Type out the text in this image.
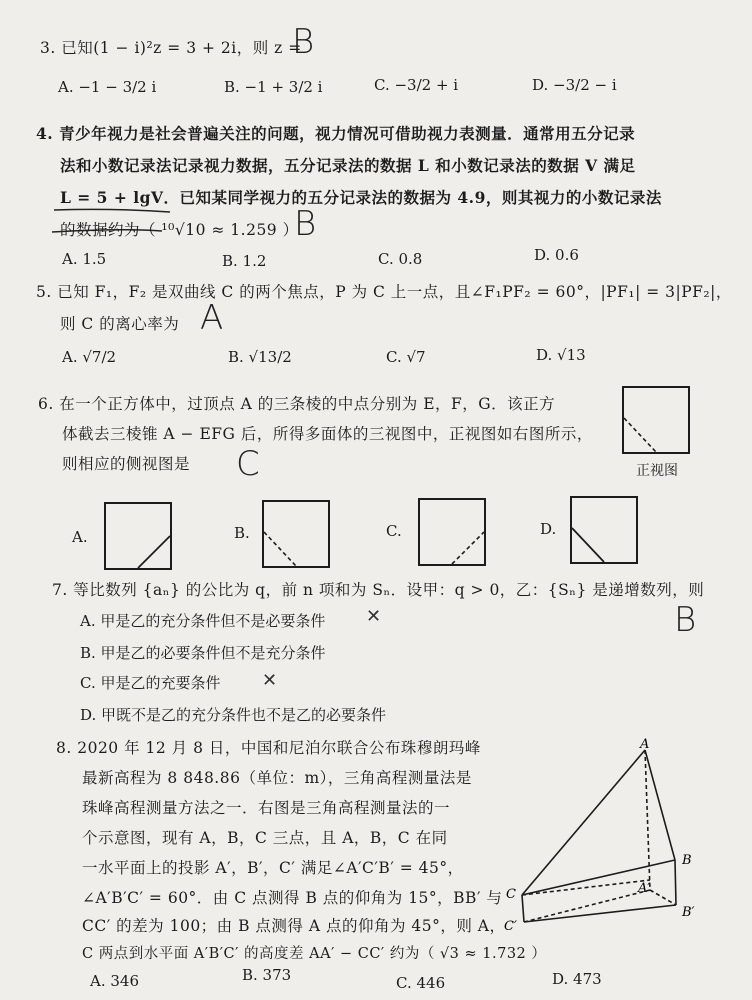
3. 已知(1 − i)²z = 3 + 2i，则 z =
B
A. −1 − 3/2 i	B. −1 + 3/2 i	C. −3/2 + i	D. −3/2 − i
4. 青少年视力是社会普遍关注的问题，视力情况可借助视力表测量．通常用五分记录
法和小数记录法记录视力数据，五分记录法的数据 L 和小数记录法的数据 V 满足
L = 5 + lgV．已知某同学视力的五分记录法的数据为 4.9，则其视力的小数记录法
的数据约为（ ¹⁰√10 ≈ 1.259 ）
B
A. 1.5	B. 1.2	C. 0.8	D. 0.6
5. 已知 F₁，F₂ 是双曲线 C 的两个焦点，P 为 C 上一点，且∠F₁PF₂ = 60°，|PF₁| = 3|PF₂|，
则 C 的离心率为 A
A. √7/2	B. √13/2	C. √7	D. √13
6. 在一个正方体中，过顶点 A 的三条棱的中点分别为 E，F，G．该正方
体截去三棱锥 A − EFG 后，所得多面体的三视图中，正视图如右图所示，
则相应的侧视图是 C	正视图
A.	B.	C.	D.
7. 等比数列 {aₙ} 的公比为 q，前 n 项和为 Sₙ．设甲：q > 0，乙：{Sₙ} 是递增数列，则
B
A. 甲是乙的充分条件但不是必要条件 ✕
B. 甲是乙的必要条件但不是充分条件
C. 甲是乙的充要条件 ✕
D. 甲既不是乙的充分条件也不是乙的必要条件
8. 2020 年 12 月 8 日，中国和尼泊尔联合公布珠穆朗玛峰
最新高程为 8 848.86（单位：m），三角高程测量法是
珠峰高程测量方法之一．右图是三角高程测量法的一
个示意图，现有 A，B，C 三点，且 A，B，C 在同
一水平面上的投影 A′，B′，C′ 满足∠A′C′B′ = 45°，
∠A′B′C′ = 60°．由 C 点测得 B 点的仰角为 15°，BB′ 与
CC′ 的差为 100；由 B 点测得 A 点的仰角为 45°，则 A，
C 两点到水平面 A′B′C′ 的高度差 AA′ − CC′ 约为（ √3 ≈ 1.732 ）
A. 346	B. 373	C. 446	D. 473
A
B
C	A′
B′
C′
